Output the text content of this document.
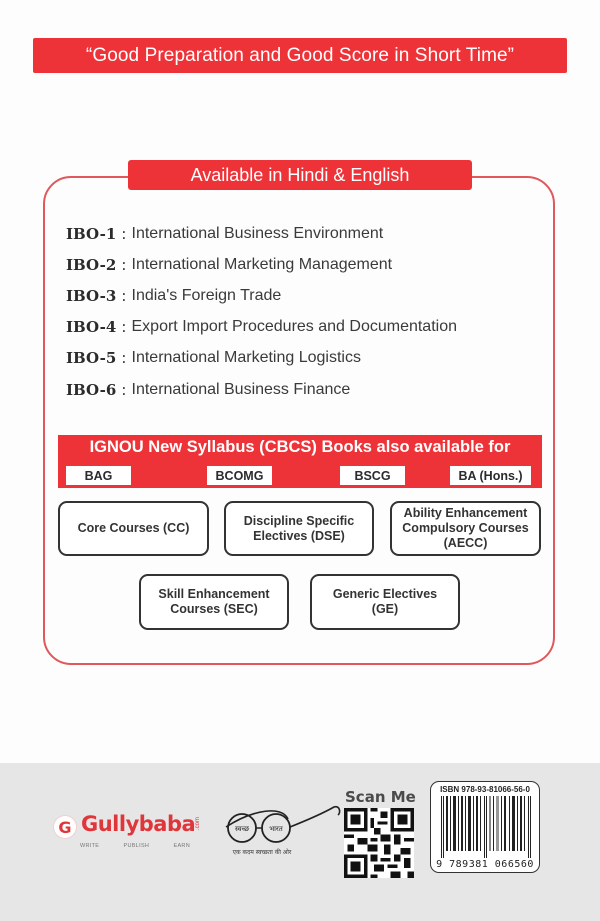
“Good Preparation and Good Score in Short Time”
Available in Hindi & English
IBO-1 : International Business Environment
IBO-2 : International Marketing Management
IBO-3 : India's Foreign Trade
IBO-4 : Export Import Procedures and Documentation
IBO-5 : International Marketing Logistics
IBO-6 : International Business Finance
IGNOU New Syllabus (CBCS) Books also available for
BAG	BCOMG	BSCG	BA (Hons.)
Core Courses (CC)
Discipline Specific Electives (DSE)
Ability Enhancement Compulsory Courses (AECC)
Skill Enhancement Courses (SEC)
Generic Electives (GE)
G Gullybaba .com
WRITE	PUBLISH	EARN
स्वच्छ	भारत
एक कदम स्वच्छता की ओर
Scan Me	ISBN 978-93-81066-56-0
9 789381 066560
